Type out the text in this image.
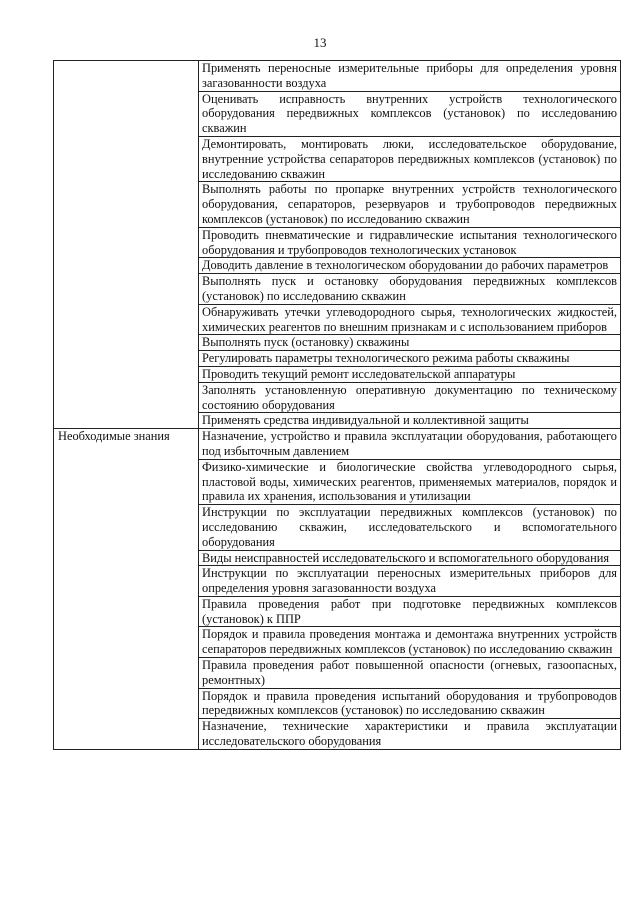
13
	Применять переносные измерительные приборы для определения уровня загазованности воздуха
	Оценивать исправность внутренних устройств технологического оборудования передвижных комплексов (установок) по исследованию скважин
	Демонтировать, монтировать люки, исследовательское оборудование, внутренние устройства сепараторов передвижных комплексов (установок) по исследованию скважин
	Выполнять работы по пропарке внутренних устройств технологического оборудования, сепараторов, резервуаров и трубопроводов передвижных комплексов (установок) по исследованию скважин
	Проводить пневматические и гидравлические испытания технологического оборудования и трубопроводов технологических установок
	Доводить давление в технологическом оборудовании до рабочих параметров
	Выполнять пуск и остановку оборудования передвижных комплексов (установок) по исследованию скважин
	Обнаруживать утечки углеводородного сырья, технологических жидкостей, химических реагентов по внешним признакам и с использованием приборов
	Выполнять пуск (остановку) скважины
	Регулировать параметры технологического режима работы скважины
	Проводить текущий ремонт исследовательской аппаратуры
	Заполнять установленную оперативную документацию по техническому состоянию оборудования
	Применять средства индивидуальной и коллективной защиты
Необходимые знания	Назначение, устройство и правила эксплуатации оборудования, работающего под избыточным давлением
	Физико-химические и биологические свойства углеводородного сырья, пластовой воды, химических реагентов, применяемых материалов, порядок и правила их хранения, использования и утилизации
	Инструкции по эксплуатации передвижных комплексов (установок) по исследованию скважин, исследовательского и вспомогательного оборудования
	Виды неисправностей исследовательского и вспомогательного оборудования
	Инструкции по эксплуатации переносных измерительных приборов для определения уровня загазованности воздуха
	Правила проведения работ при подготовке передвижных комплексов (установок) к ППР
	Порядок и правила проведения монтажа и демонтажа внутренних устройств сепараторов передвижных комплексов (установок) по исследованию скважин
	Правила проведения работ повышенной опасности (огневых, газоопасных, ремонтных)
	Порядок и правила проведения испытаний оборудования и трубопроводов передвижных комплексов (установок) по исследованию скважин
	Назначение, технические характеристики и правила эксплуатации исследовательского оборудования
